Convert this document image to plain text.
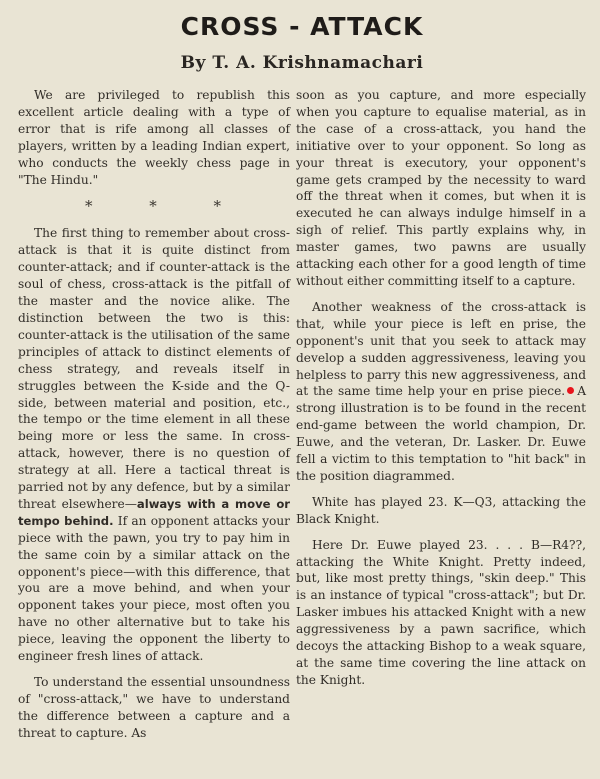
CROSS - ATTACK
By T. A. Krishnamachari

We are privileged to republish this excellent article dealing with a type of error that is rife among all classes of players, written by a leading Indian expert, who conducts the weekly chess page in "The Hindu."

* * *

The first thing to remember about cross-attack is that it is quite distinct from counter-attack; and if counter-attack is the soul of chess, cross-attack is the pitfall of the master and the novice alike. The distinction between the two is this: counter-attack is the utilisation of the same principles of attack to distinct elements of chess strategy, and reveals itself in struggles between the K-side and the Q-side, between material and position, etc., the tempo or the time element in all these being more or less the same. In cross-attack, however, there is no question of strategy at all. Here a tactical threat is parried not by any defence, but by a similar threat elsewhere—always with a move or tempo behind. If an opponent attacks your piece with the pawn, you try to pay him in the same coin by a similar attack on the opponent's piece—with this difference, that you are a move behind, and when your opponent takes your piece, most often you have no other alternative but to take his piece, leaving the opponent the liberty to engineer fresh lines of attack.

To understand the essential unsoundness of "cross-attack," we have to understand the difference between a capture and a threat to capture. As

soon as you capture, and more especially when you capture to equalise material, as in the case of a cross-attack, you hand the initiative over to your opponent. So long as your threat is executory, your opponent's game gets cramped by the necessity to ward off the threat when it comes, but when it is executed he can always indulge himself in a sigh of relief. This partly explains why, in master games, two pawns are usually attacking each other for a good length of time without either committing itself to a capture.

Another weakness of the cross-attack is that, while your piece is left en prise, the opponent's unit that you seek to attack may develop a sudden aggressiveness, leaving you helpless to parry this new aggressiveness, and at the same time help your en prise piece. A strong illustration is to be found in the recent end-game between the world champion, Dr. Euwe, and the veteran, Dr. Lasker. Dr. Euwe fell a victim to this temptation to "hit back" in the position diagrammed.

White has played 23. K—Q3, attacking the Black Knight.

Here Dr. Euwe played 23. . . . B—R4??, attacking the White Knight. Pretty indeed, but, like most pretty things, "skin deep." This is an instance of typical "cross-attack"; but Dr. Lasker imbues his attacked Knight with a new aggressiveness by a pawn sacrifice, which decoys the attacking Bishop to a weak square, at the same time covering the line attack on the Knight.
